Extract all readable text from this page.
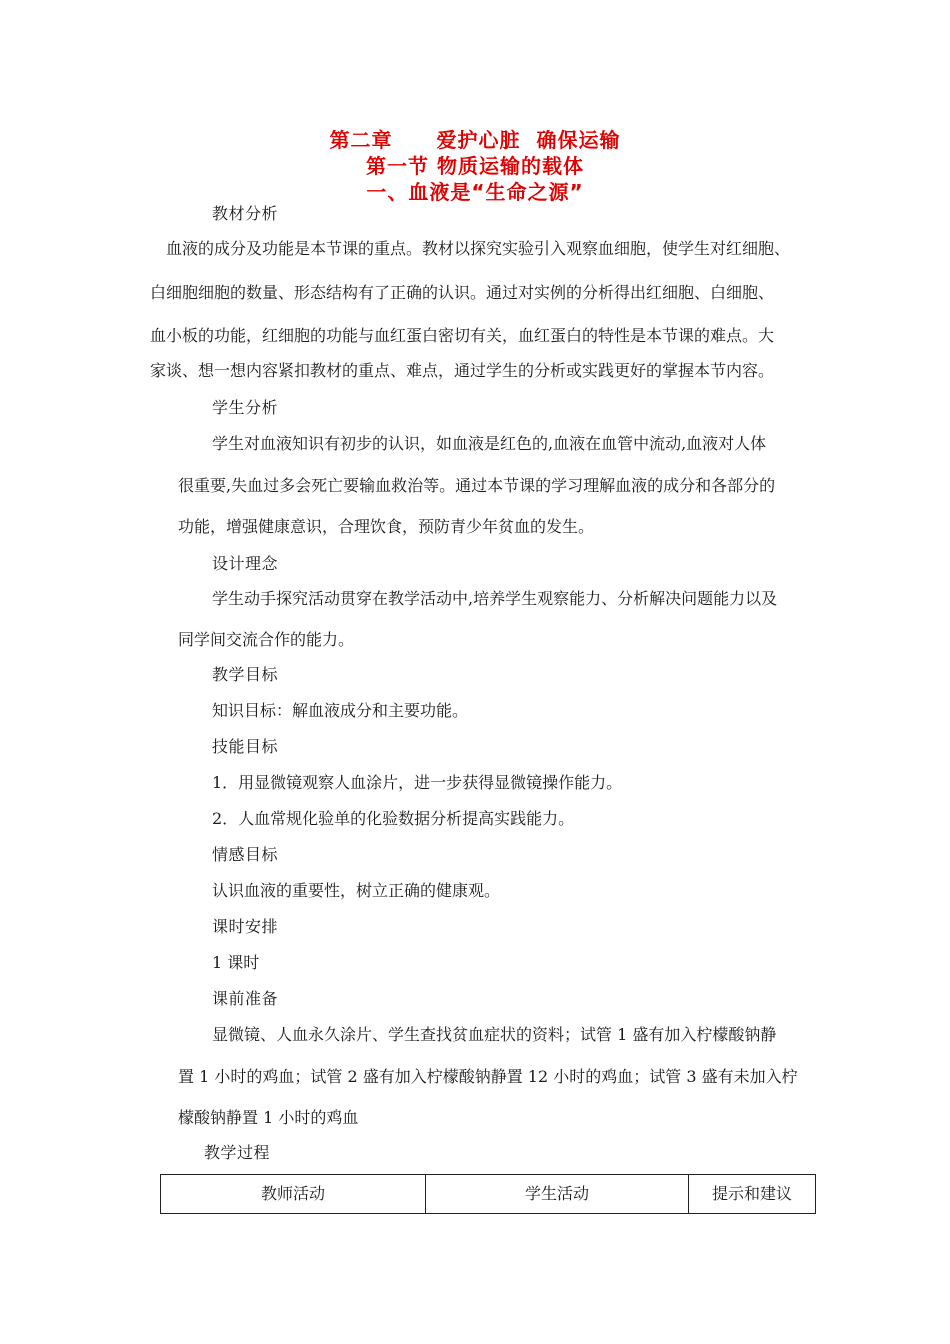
第二章 爱护心脏 确保运输
第一节 物质运输的载体
一、血液是“生命之源”
教材分析
血液的成分及功能是本节课的重点。教材以探究实验引入观察血细胞，使学生对红细胞、
白细胞细胞的数量、形态结构有了正确的认识。通过对实例的分析得出红细胞、白细胞、
血小板的功能，红细胞的功能与血红蛋白密切有关，血红蛋白的特性是本节课的难点。大
家谈、想一想内容紧扣教材的重点、难点，通过学生的分析或实践更好的掌握本节内容。
学生分析
学生对血液知识有初步的认识，如血液是红色的,血液在血管中流动,血液对人体
很重要,失血过多会死亡要输血救治等。通过本节课的学习理解血液的成分和各部分的
功能，增强健康意识，合理饮食，预防青少年贫血的发生。
设计理念
学生动手探究活动贯穿在教学活动中,培养学生观察能力、分析解决问题能力以及
同学间交流合作的能力。
教学目标
知识目标：解血液成分和主要功能。
技能目标
1．用显微镜观察人血涂片，进一步获得显微镜操作能力。
2．人血常规化验单的化验数据分析提高实践能力。
情感目标
认识血液的重要性，树立正确的健康观。
课时安排
1 课时
课前准备
显微镜、人血永久涂片、学生查找贫血症状的资料；试管 1 盛有加入柠檬酸钠静
置 1 小时的鸡血；试管 2 盛有加入柠檬酸钠静置 12 小时的鸡血；试管 3 盛有未加入柠
檬酸钠静置 1 小时的鸡血
教学过程
教师活动	学生活动	提示和建议
